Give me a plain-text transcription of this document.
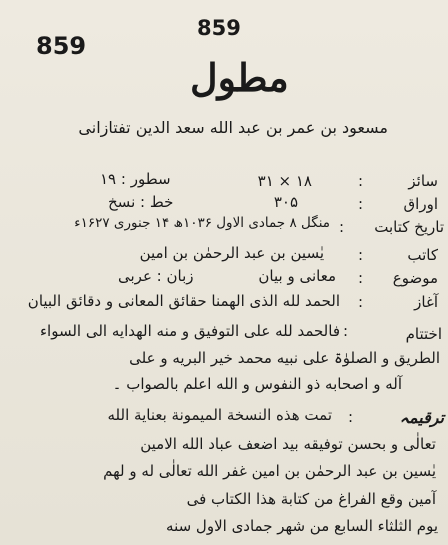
859
859
مطول
مسعود بن عمر بن عبد الله سعد الدین تفتازانی
سائز
:
۳۱ × ۱۸
سطور : ۱۹
اوراق
:
۳۰۵
خط : نسخ
تاریخ کتابت
:
منگل ۸ جمادی الاول ۱۰۳۶ھ ۱۴ جنوری ۱۶۲۷ء
کاتب
:
یٰسین بن عبد الرحمٰن بن امین
موضوع
:
معانی و بیان
زبان : عربی
آغاز
:
الحمد لله الذی الهمنا حقائق المعانی و دقائق البیان
اختتام
:
فالحمد لله علی التوفیق و منه الهدایه الی السواء
الطریق و الصلوٰۃ علی نبیه محمد خیر البریه و علی
آله و اصحابه ذو النفوس و الله اعلم بالصواب ۔
ترقیمہ
:
تمت هذه النسخة المیمونة بعنایة الله
تعالٰی و بحسن توفیقه بید اضعف عباد الله الامین
یٰسین بن عبد الرحمٰن بن امین غفر الله تعالٰی له و لهم
آمین وقع الفراغ من کتابة هذا الکتاب فی
یوم الثلثاء السابع من شهر جمادی الاول سنه
